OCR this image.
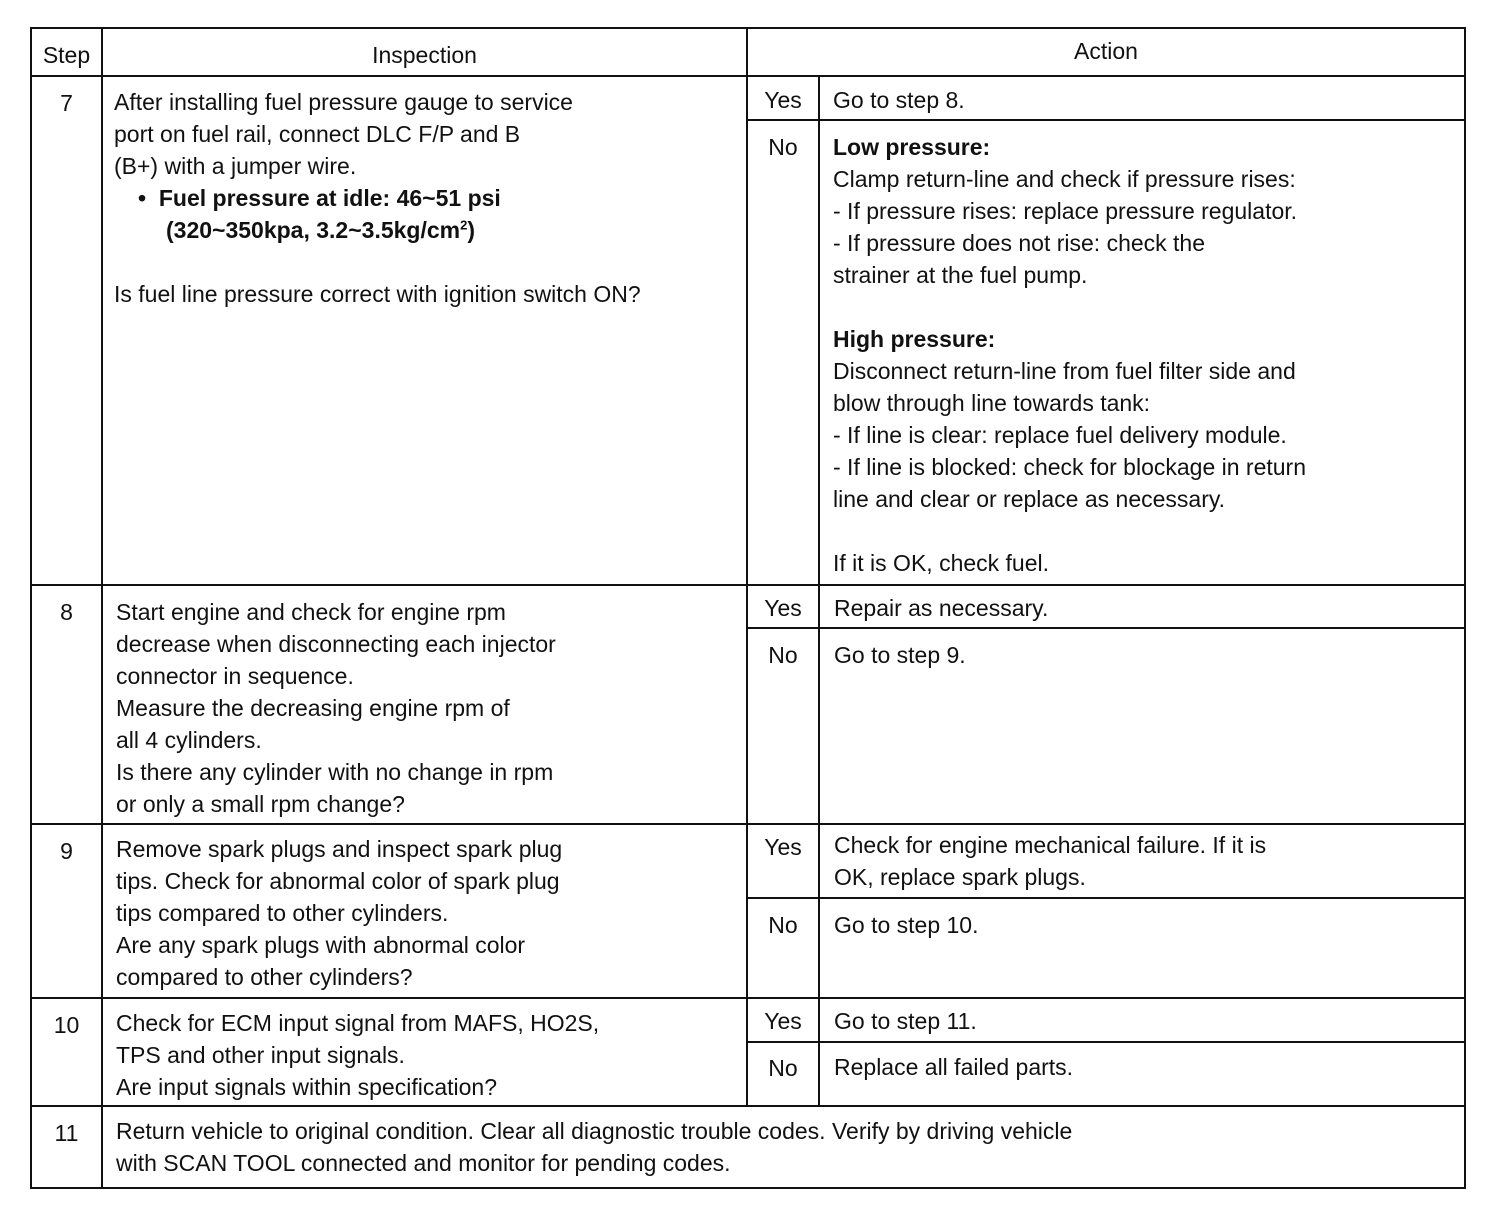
Step	Inspection	Action
7	After installing fuel pressure gauge to service
port on fuel rail, connect DLC F/P and B
(B+) with a jumper wire.
• Fuel pressure at idle: 46~51 psi
(320~350kpa, $3.2\sim 3.5kg/cm^2$)
Is fuel line pressure correct with ignition switch ON?
Yes	Go to step 8.
No	Low pressure:
Clamp return-line and check if pressure rises:
- If pressure rises: replace pressure regulator.
- If pressure does not rise: check the
strainer at the fuel pump.
High pressure:
Disconnect return-line from fuel filter side and
blow through line towards tank:
- If line is clear: replace fuel delivery module.
- If line is blocked: check for blockage in return
line and clear or replace as necessary.
If it is OK, check fuel.
8	Start engine and check for engine rpm
decrease when disconnecting each injector
connector in sequence.
Measure the decreasing engine rpm of
all 4 cylinders.
Is there any cylinder with no change in rpm
or only a small rpm change?
Yes	Repair as necessary.
No	Go to step 9.
9	Remove spark plugs and inspect spark plug
tips. Check for abnormal color of spark plug
tips compared to other cylinders.
Are any spark plugs with abnormal color
compared to other cylinders?
Yes	Check for engine mechanical failure. If it is
OK, replace spark plugs.
No	Go to step 10.
10	Check for ECM input signal from MAFS, HO2S,
TPS and other input signals.
Are input signals within specification?
Yes	Go to step 11.
No	Replace all failed parts.
11	Return vehicle to original condition. Clear all diagnostic trouble codes. Verify by driving vehicle
with SCAN TOOL connected and monitor for pending codes.
